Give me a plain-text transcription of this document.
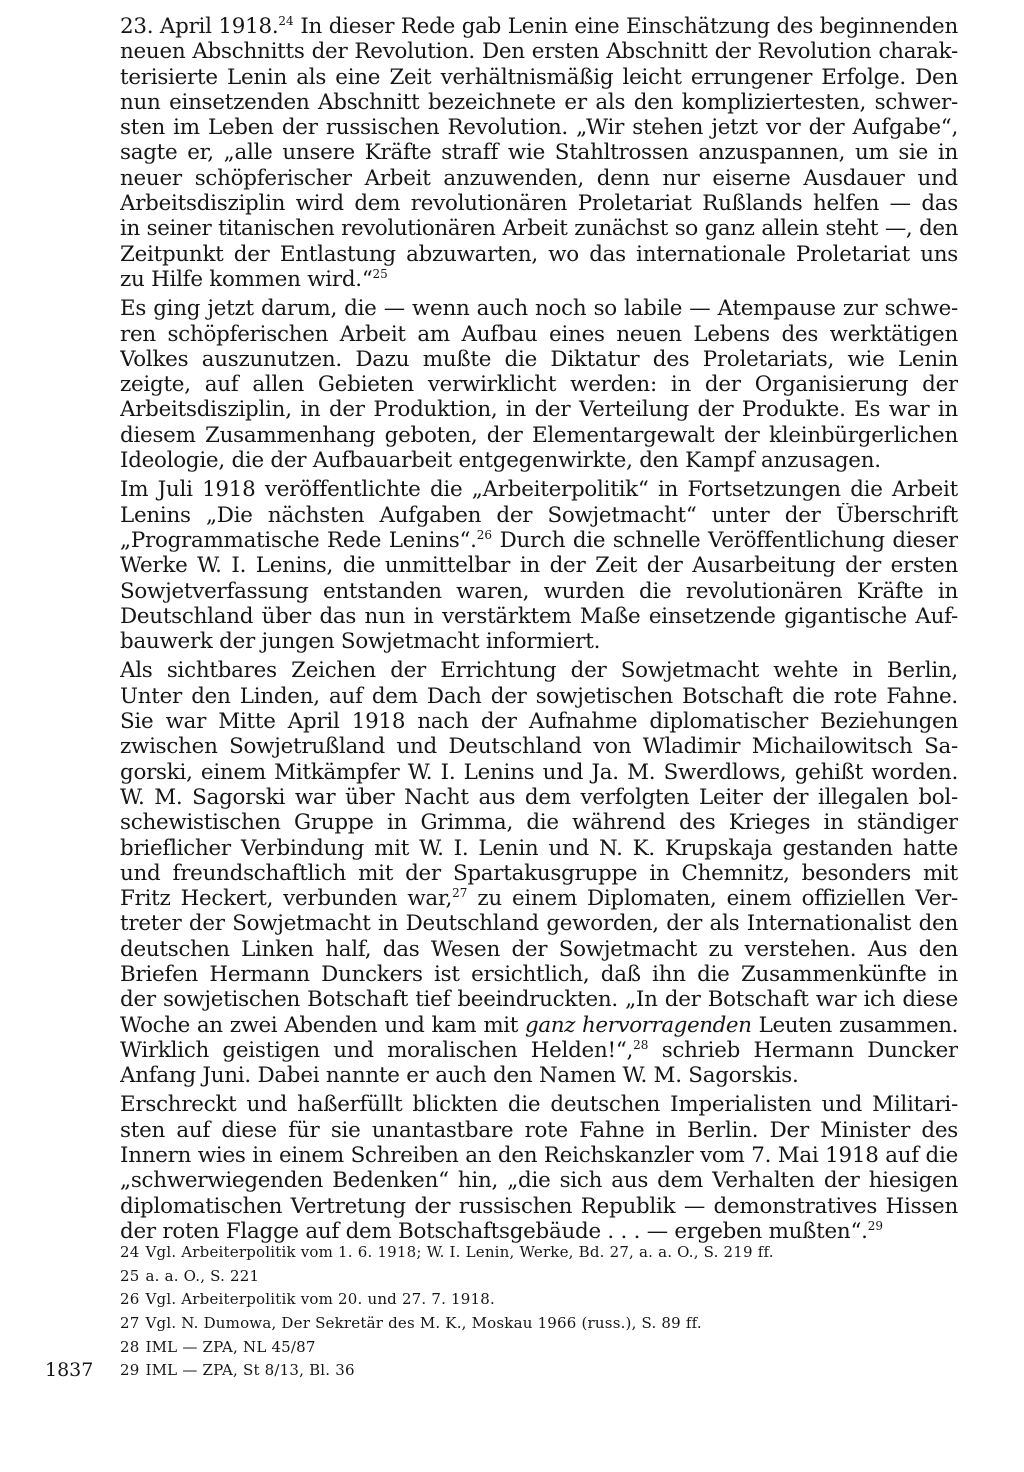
23. April 1918.24 In dieser Rede gab Lenin eine Einschätzung des beginnenden
neuen Abschnitts der Revolution. Den ersten Abschnitt der Revolution charak-
terisierte Lenin als eine Zeit verhältnismäßig leicht errungener Erfolge. Den
nun einsetzenden Abschnitt bezeichnete er als den kompliziertesten, schwer-
sten im Leben der russischen Revolution. „Wir stehen jetzt vor der Aufgabe“,
sagte er, „alle unsere Kräfte straff wie Stahltrossen anzuspannen, um sie in
neuer schöpferischer Arbeit anzuwenden, denn nur eiserne Ausdauer und
Arbeitsdisziplin wird dem revolutionären Proletariat Rußlands helfen — das
in seiner titanischen revolutionären Arbeit zunächst so ganz allein steht —, den
Zeitpunkt der Entlastung abzuwarten, wo das internationale Proletariat uns
zu Hilfe kommen wird.“$^{25}$
Es ging jetzt darum, die — wenn auch noch so labile — Atempause zur schwe-
ren schöpferischen Arbeit am Aufbau eines neuen Lebens des werktätigen
Volkes auszunutzen. Dazu mußte die Diktatur des Proletariats, wie Lenin
zeigte, auf allen Gebieten verwirklicht werden: in der Organisierung der
Arbeitsdisziplin, in der Produktion, in der Verteilung der Produkte. Es war in
diesem Zusammenhang geboten, der Elementargewalt der kleinbürgerlichen
Ideologie, die der Aufbauarbeit entgegenwirkte, den Kampf anzusagen.
Im Juli 1918 veröffentlichte die „Arbeiterpolitik“ in Fortsetzungen die Arbeit
Lenins „Die nächsten Aufgaben der Sowjetmacht“ unter der Überschrift
„Programmatische Rede Lenins“.$^{26}$ Durch die schnelle Veröffentlichung dieser
Werke W. I. Lenins, die unmittelbar in der Zeit der Ausarbeitung der ersten
Sowjetverfassung entstanden waren, wurden die revolutionären Kräfte in
Deutschland über das nun in verstärktem Maße einsetzende gigantische Auf-
bauwerk der jungen Sowjetmacht informiert.
Als sichtbares Zeichen der Errichtung der Sowjetmacht wehte in Berlin,
Unter den Linden, auf dem Dach der sowjetischen Botschaft die rote Fahne.
Sie war Mitte April 1918 nach der Aufnahme diplomatischer Beziehungen
zwischen Sowjetrußland und Deutschland von Wladimir Michailowitsch Sa-
gorski, einem Mitkämpfer W. I. Lenins und Ja. M. Swerdlows, gehißt worden.
W. M. Sagorski war über Nacht aus dem verfolgten Leiter der illegalen bol-
schewistischen Gruppe in Grimma, die während des Krieges in ständiger
brieflicher Verbindung mit W. I. Lenin und N. K. Krupskaja gestanden hatte
und freundschaftlich mit der Spartakusgruppe in Chemnitz, besonders mit
Fritz Heckert, verbunden war,$^{27}$ zu einem Diplomaten, einem offiziellen Ver-
treter der Sowjetmacht in Deutschland geworden, der als Internationalist den
deutschen Linken half, das Wesen der Sowjetmacht zu verstehen. Aus den
Briefen Hermann Dunckers ist ersichtlich, daß ihn die Zusammenkünfte in
der sowjetischen Botschaft tief beeindruckten. „In der Botschaft war ich diese
Woche an zwei Abenden und kam mit ganz hervorragenden Leuten zusammen.
Wirklich geistigen und moralischen Helden!“,$^{28}$ schrieb Hermann Duncker
Anfang Juni. Dabei nannte er auch den Namen W. M. Sagorskis.
Erschreckt und haßerfüllt blickten die deutschen Imperialisten und Militari-
sten auf diese für sie unantastbare rote Fahne in Berlin. Der Minister des
Innern wies in einem Schreiben an den Reichskanzler vom 7. Mai 1918 auf die
„schwerwiegenden Bedenken“ hin, „die sich aus dem Verhalten der hiesigen
diplomatischen Vertretung der russischen Republik — demonstratives Hissen
der roten Flagge auf dem Botschaftsgebäude . . . — ergeben mußten“.$^{29}$
24 Vgl. Arbeiterpolitik vom 1. 6. 1918; W. I. Lenin, Werke, Bd. 27, a. a. O., S. 219 ff.
25 a. a. O., S. 221
26 Vgl. Arbeiterpolitik vom 20. und 27. 7. 1918.
27 Vgl. N. Dumowa, Der Sekretär des M. K., Moskau 1966 (russ.), S. 89 ff.
28 IML — ZPA, NL 45/87
29 IML — ZPA, St 8/13, Bl. 36
1837
